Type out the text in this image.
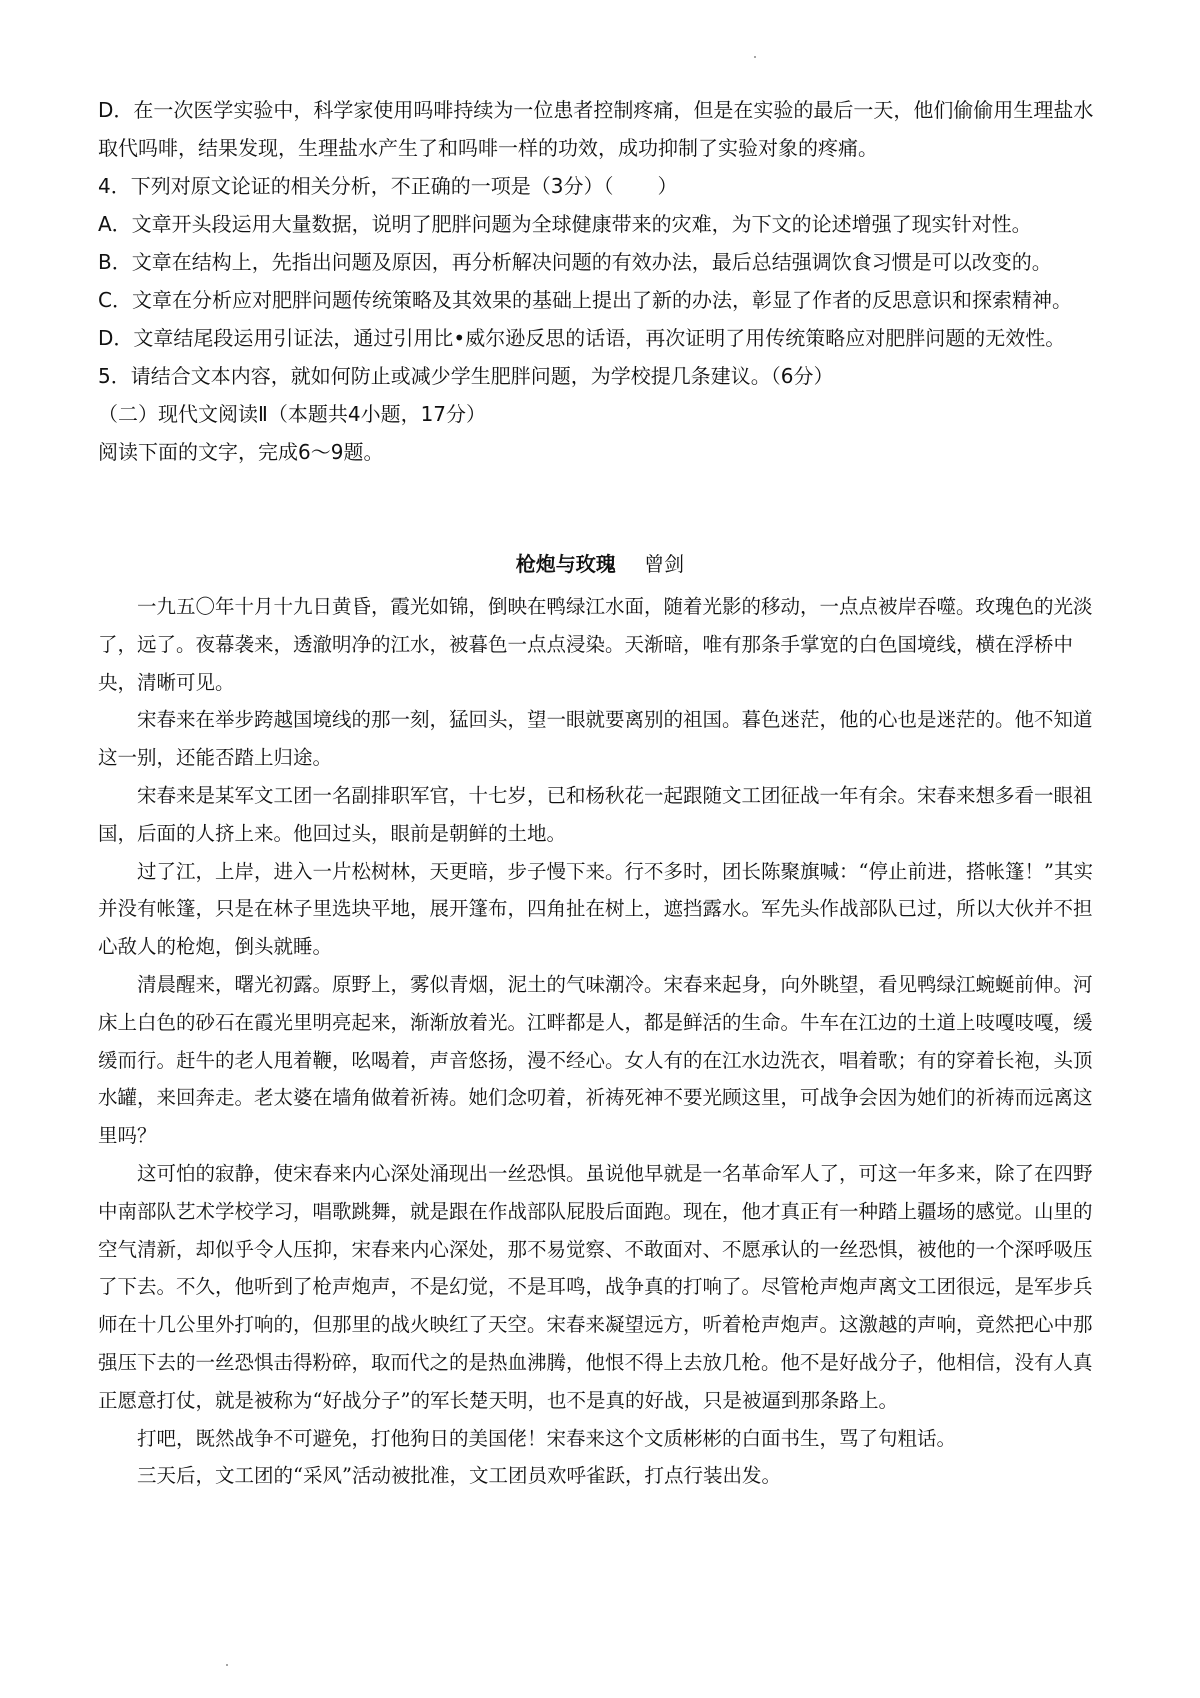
D．在一次医学实验中，科学家使用吗啡持续为一位患者控制疼痛，但是在实验的最后一天，他们偷偷用生理盐水取代吗啡，结果发现，生理盐水产生了和吗啡一样的功效，成功抑制了实验对象的疼痛。

4．下列对原文论证的相关分析，不正确的一项是（3分）（ ）

A．文章开头段运用大量数据，说明了肥胖问题为全球健康带来的灾难，为下文的论述增强了现实针对性。

B．文章在结构上，先指出问题及原因，再分析解决问题的有效办法，最后总结强调饮食习惯是可以改变的。

C．文章在分析应对肥胖问题传统策略及其效果的基础上提出了新的办法，彰显了作者的反思意识和探索精神。

D．文章结尾段运用引证法，通过引用比•威尔逊反思的话语，再次证明了用传统策略应对肥胖问题的无效性。

5．请结合文本内容，就如何防止或减少学生肥胖问题，为学校提几条建议。（6分）

（二）现代文阅读Ⅱ（本题共4小题，17分）

阅读下面的文字，完成6～9题。

枪炮与玫瑰 曾剑

一九五〇年十月十九日黄昏，霞光如锦，倒映在鸭绿江水面，随着光影的移动，一点点被岸吞噬。玫瑰色的光淡了，远了。夜幕袭来，透澈明净的江水，被暮色一点点浸染。天渐暗，唯有那条手掌宽的白色国境线，横在浮桥中央，清晰可见。

宋春来在举步跨越国境线的那一刻，猛回头，望一眼就要离别的祖国。暮色迷茫，他的心也是迷茫的。他不知道这一别，还能否踏上归途。

宋春来是某军文工团一名副排职军官，十七岁，已和杨秋花一起跟随文工团征战一年有余。宋春来想多看一眼祖国，后面的人挤上来。他回过头，眼前是朝鲜的土地。

过了江，上岸，进入一片松树林，天更暗，步子慢下来。行不多时，团长陈聚旗喊：“停止前进，搭帐篷！”其实并没有帐篷，只是在林子里选块平地，展开篷布，四角扯在树上，遮挡露水。军先头作战部队已过，所以大伙并不担心敌人的枪炮，倒头就睡。

清晨醒来，曙光初露。原野上，雾似青烟，泥土的气味潮冷。宋春来起身，向外眺望，看见鸭绿江蜿蜒前伸。河床上白色的砂石在霞光里明亮起来，渐渐放着光。江畔都是人，都是鲜活的生命。牛车在江边的土道上吱嘎吱嘎，缓缓而行。赶牛的老人甩着鞭，吆喝着，声音悠扬，漫不经心。女人有的在江水边洗衣，唱着歌；有的穿着长袍，头顶水罐，来回奔走。老太婆在墙角做着祈祷。她们念叨着，祈祷死神不要光顾这里，可战争会因为她们的祈祷而远离这里吗？

这可怕的寂静，使宋春来内心深处涌现出一丝恐惧。虽说他早就是一名革命军人了，可这一年多来，除了在四野中南部队艺术学校学习，唱歌跳舞，就是跟在作战部队屁股后面跑。现在，他才真正有一种踏上疆场的感觉。山里的空气清新，却似乎令人压抑，宋春来内心深处，那不易觉察、不敢面对、不愿承认的一丝恐惧，被他的一个深呼吸压了下去。不久，他听到了枪声炮声，不是幻觉，不是耳鸣，战争真的打响了。尽管枪声炮声离文工团很远，是军步兵师在十几公里外打响的，但那里的战火映红了天空。宋春来凝望远方，听着枪声炮声。这激越的声响，竟然把心中那强压下去的一丝恐惧击得粉碎，取而代之的是热血沸腾，他恨不得上去放几枪。他不是好战分子，他相信，没有人真正愿意打仗，就是被称为“好战分子”的军长楚天明，也不是真的好战，只是被逼到那条路上。

打吧，既然战争不可避免，打他狗日的美国佬！宋春来这个文质彬彬的白面书生，骂了句粗话。

三天后，文工团的“采风”活动被批准，文工团员欢呼雀跃，打点行装出发。
